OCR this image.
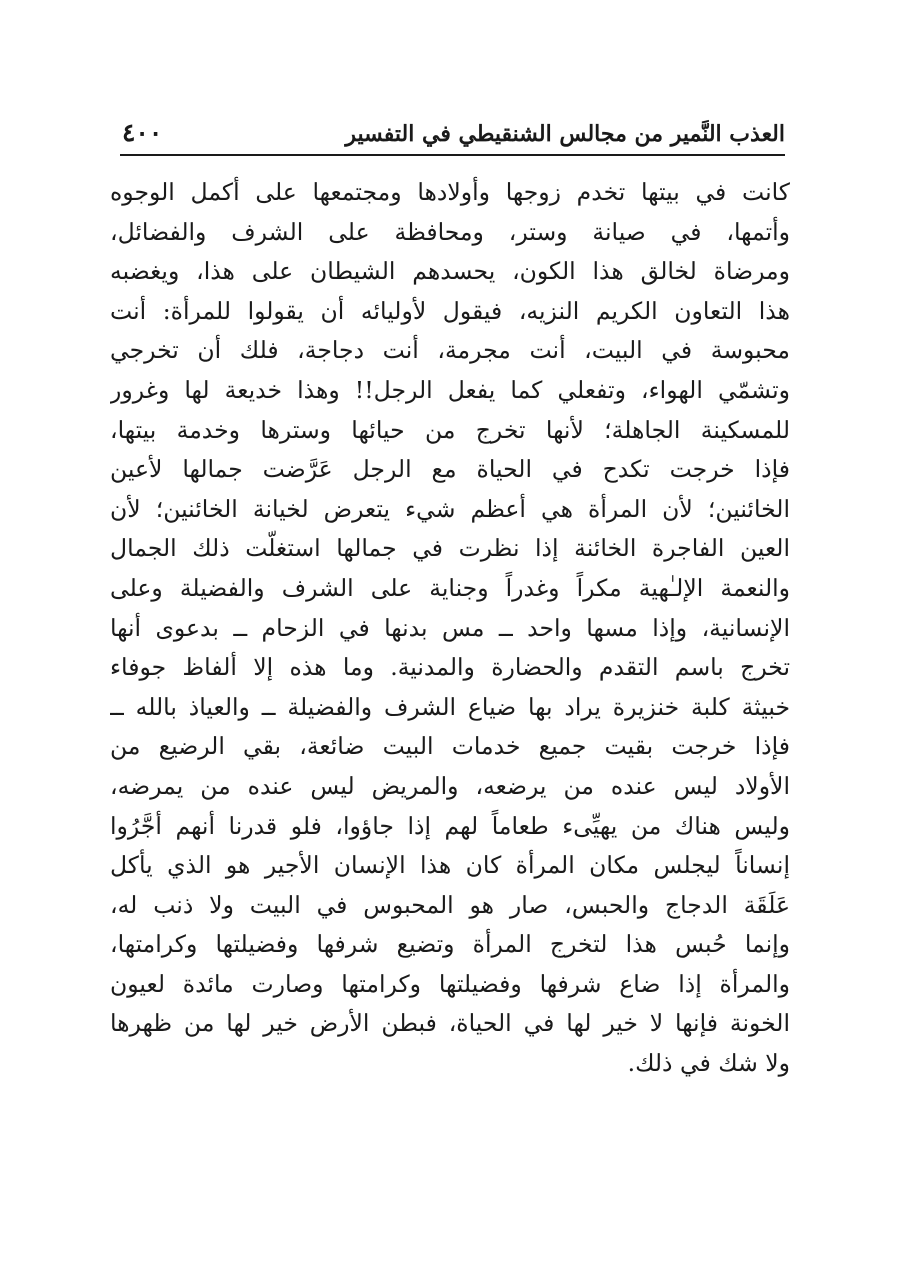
٤٠٠	العذب النَّمير من مجالس الشنقيطي في التفسير
كانت في بيتها تخدم زوجها وأولادها ومجتمعها على أكمل الوجوه
وأتمها، في صيانة وستر، ومحافظة على الشرف والفضائل،
ومرضاة لخالق هذا الكون، يحسدهم الشيطان على هذا، ويغضبه
هذا التعاون الكريم النزيه، فيقول لأوليائه أن يقولوا للمرأة: أنت
محبوسة في البيت، أنت مجرمة، أنت دجاجة، فلك أن تخرجي
وتشمّي الهواء، وتفعلي كما يفعل الرجل!! وهذا خديعة لها وغرور
للمسكينة الجاهلة؛ لأنها تخرج من حيائها وسترها وخدمة بيتها،
فإذا خرجت تكدح في الحياة مع الرجل عَرَّضت جمالها لأعين
الخائنين؛ لأن المرأة هي أعظم شيء يتعرض لخيانة الخائنين؛ لأن
العين الفاجرة الخائنة إذا نظرت في جمالها استغلّت ذلك الجمال
والنعمة الإلـٰهية مكراً وغدراً وجناية على الشرف والفضيلة وعلى
الإنسانية، وإذا مسها واحد ــ مس بدنها في الزحام ــ بدعوى أنها
تخرج باسم التقدم والحضارة والمدنية. وما هذه إلا ألفاظ جوفاء
خبيثة كلبة خنزيرة يراد بها ضياع الشرف والفضيلة ــ والعياذ بالله ــ
فإذا خرجت بقيت جميع خدمات البيت ضائعة، بقي الرضيع من
الأولاد ليس عنده من يرضعه، والمريض ليس عنده من يمرضه،
وليس هناك من يهيِّىء طعاماً لهم إذا جاؤوا، فلو قدرنا أنهم أجَّرُوا
إنساناً ليجلس مكان المرأة كان هذا الإنسان الأجير هو الذي يأكل
عَلَقَة الدجاج والحبس، صار هو المحبوس في البيت ولا ذنب له،
وإنما حُبس هذا لتخرج المرأة وتضيع شرفها وفضيلتها وكرامتها،
والمرأة إذا ضاع شرفها وفضيلتها وكرامتها وصارت مائدة لعيون
الخونة فإنها لا خير لها في الحياة، فبطن الأرض خير لها من ظهرها
ولا شك في ذلك.
